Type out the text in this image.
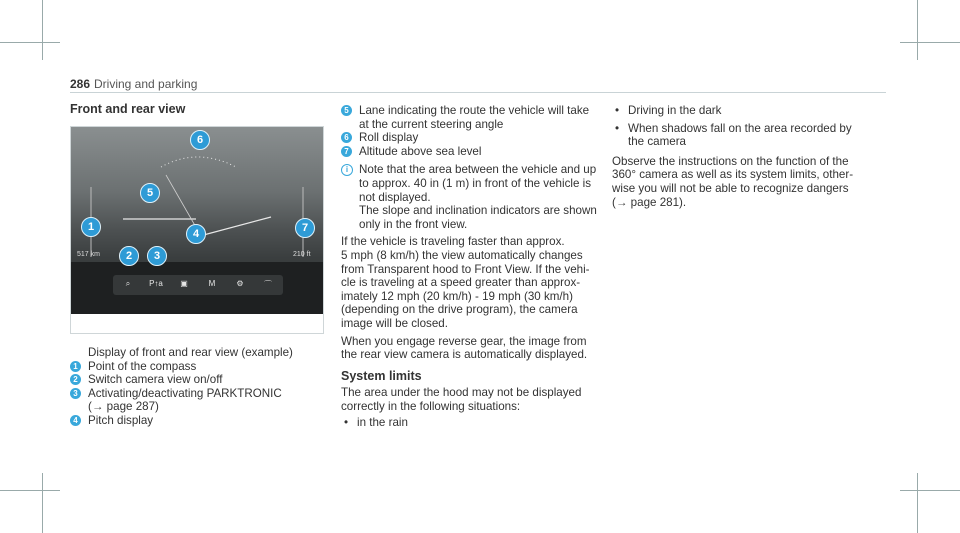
286 Driving and parking
Front and rear view
517 km	210 ft
⌕	P↑a	▣	M	⚙	⌒
1
2	3
4
5
6
7

Display of front and rear view (example)

1 Point of the compass
2 Switch camera view on/off
3 Activating/deactivating PARKTRONIC
(→ page 287)
4 Pitch display
5 Lane indicating the route the vehicle will take
at the current steering angle
6 Roll display
7 Altitude above sea level
i Note that the area between the vehicle and up

to approx. 40 in (1 m) in front of the vehicle is

not displayed.

The slope and inclination indicators are shown

only in the front view.

If the vehicle is traveling faster than approx.

5 mph (8 km/h) the view automatically changes

from Transparent hood to Front View. If the vehi-

cle is traveling at a speed greater than approx-

imately 12 mph (20 km/h) - 19 mph (30 km/h)

(depending on the drive program), the camera

image will be closed.

When you engage reverse gear, the image from

the rear view camera is automatically displayed.

System limits

The area under the hood may not be displayed

correctly in the following situations:

• in the rain

• Driving in the dark

• When shadows fall on the area recorded by
the camera

Observe the instructions on the function of the

360° camera as well as its system limits, other-

wise you will not be able to recognize dangers

(→ page 281).
